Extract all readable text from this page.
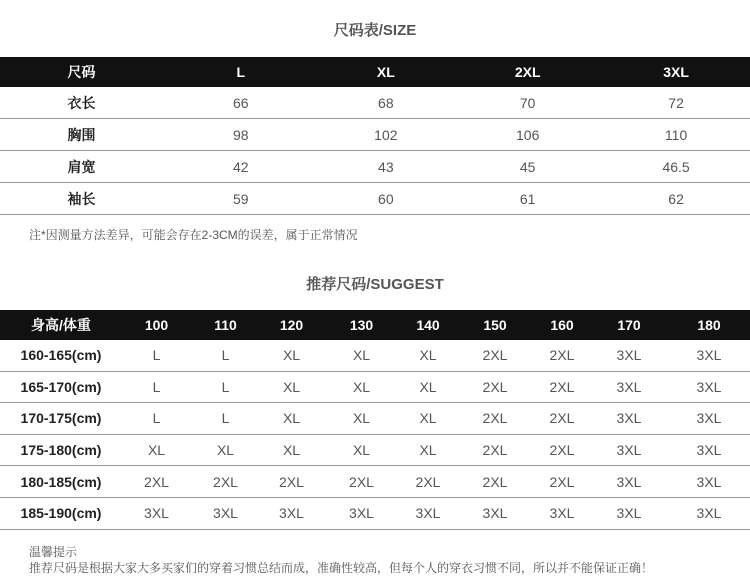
尺码表/SIZE
尺码	L	XL	2XL	3XL
衣长	66	68	70	72
胸围	98	102	106	110
肩宽	42	43	45	46.5
袖长	59	60	61	62
注*因测量方法差异，可能会存在2-3CM的误差，属于正常情况
推荐尺码/SUGGEST
身高/体重	100	110	120	130	140	150	160	170	180
160-165(cm)	L	L	XL	XL	XL	2XL	2XL	3XL	3XL
165-170(cm)	L	L	XL	XL	XL	2XL	2XL	3XL	3XL
170-175(cm)	L	L	XL	XL	XL	2XL	2XL	3XL	3XL
175-180(cm)	XL	XL	XL	XL	XL	2XL	2XL	3XL	3XL
180-185(cm)	2XL	2XL	2XL	2XL	2XL	2XL	2XL	3XL	3XL
185-190(cm)	3XL	3XL	3XL	3XL	3XL	3XL	3XL	3XL	3XL
温馨提示
推荐尺码是根据大家大多买家们的穿着习惯总结而成，准确性较高，但每个人的穿衣习惯不同，所以并不能保证正确！
